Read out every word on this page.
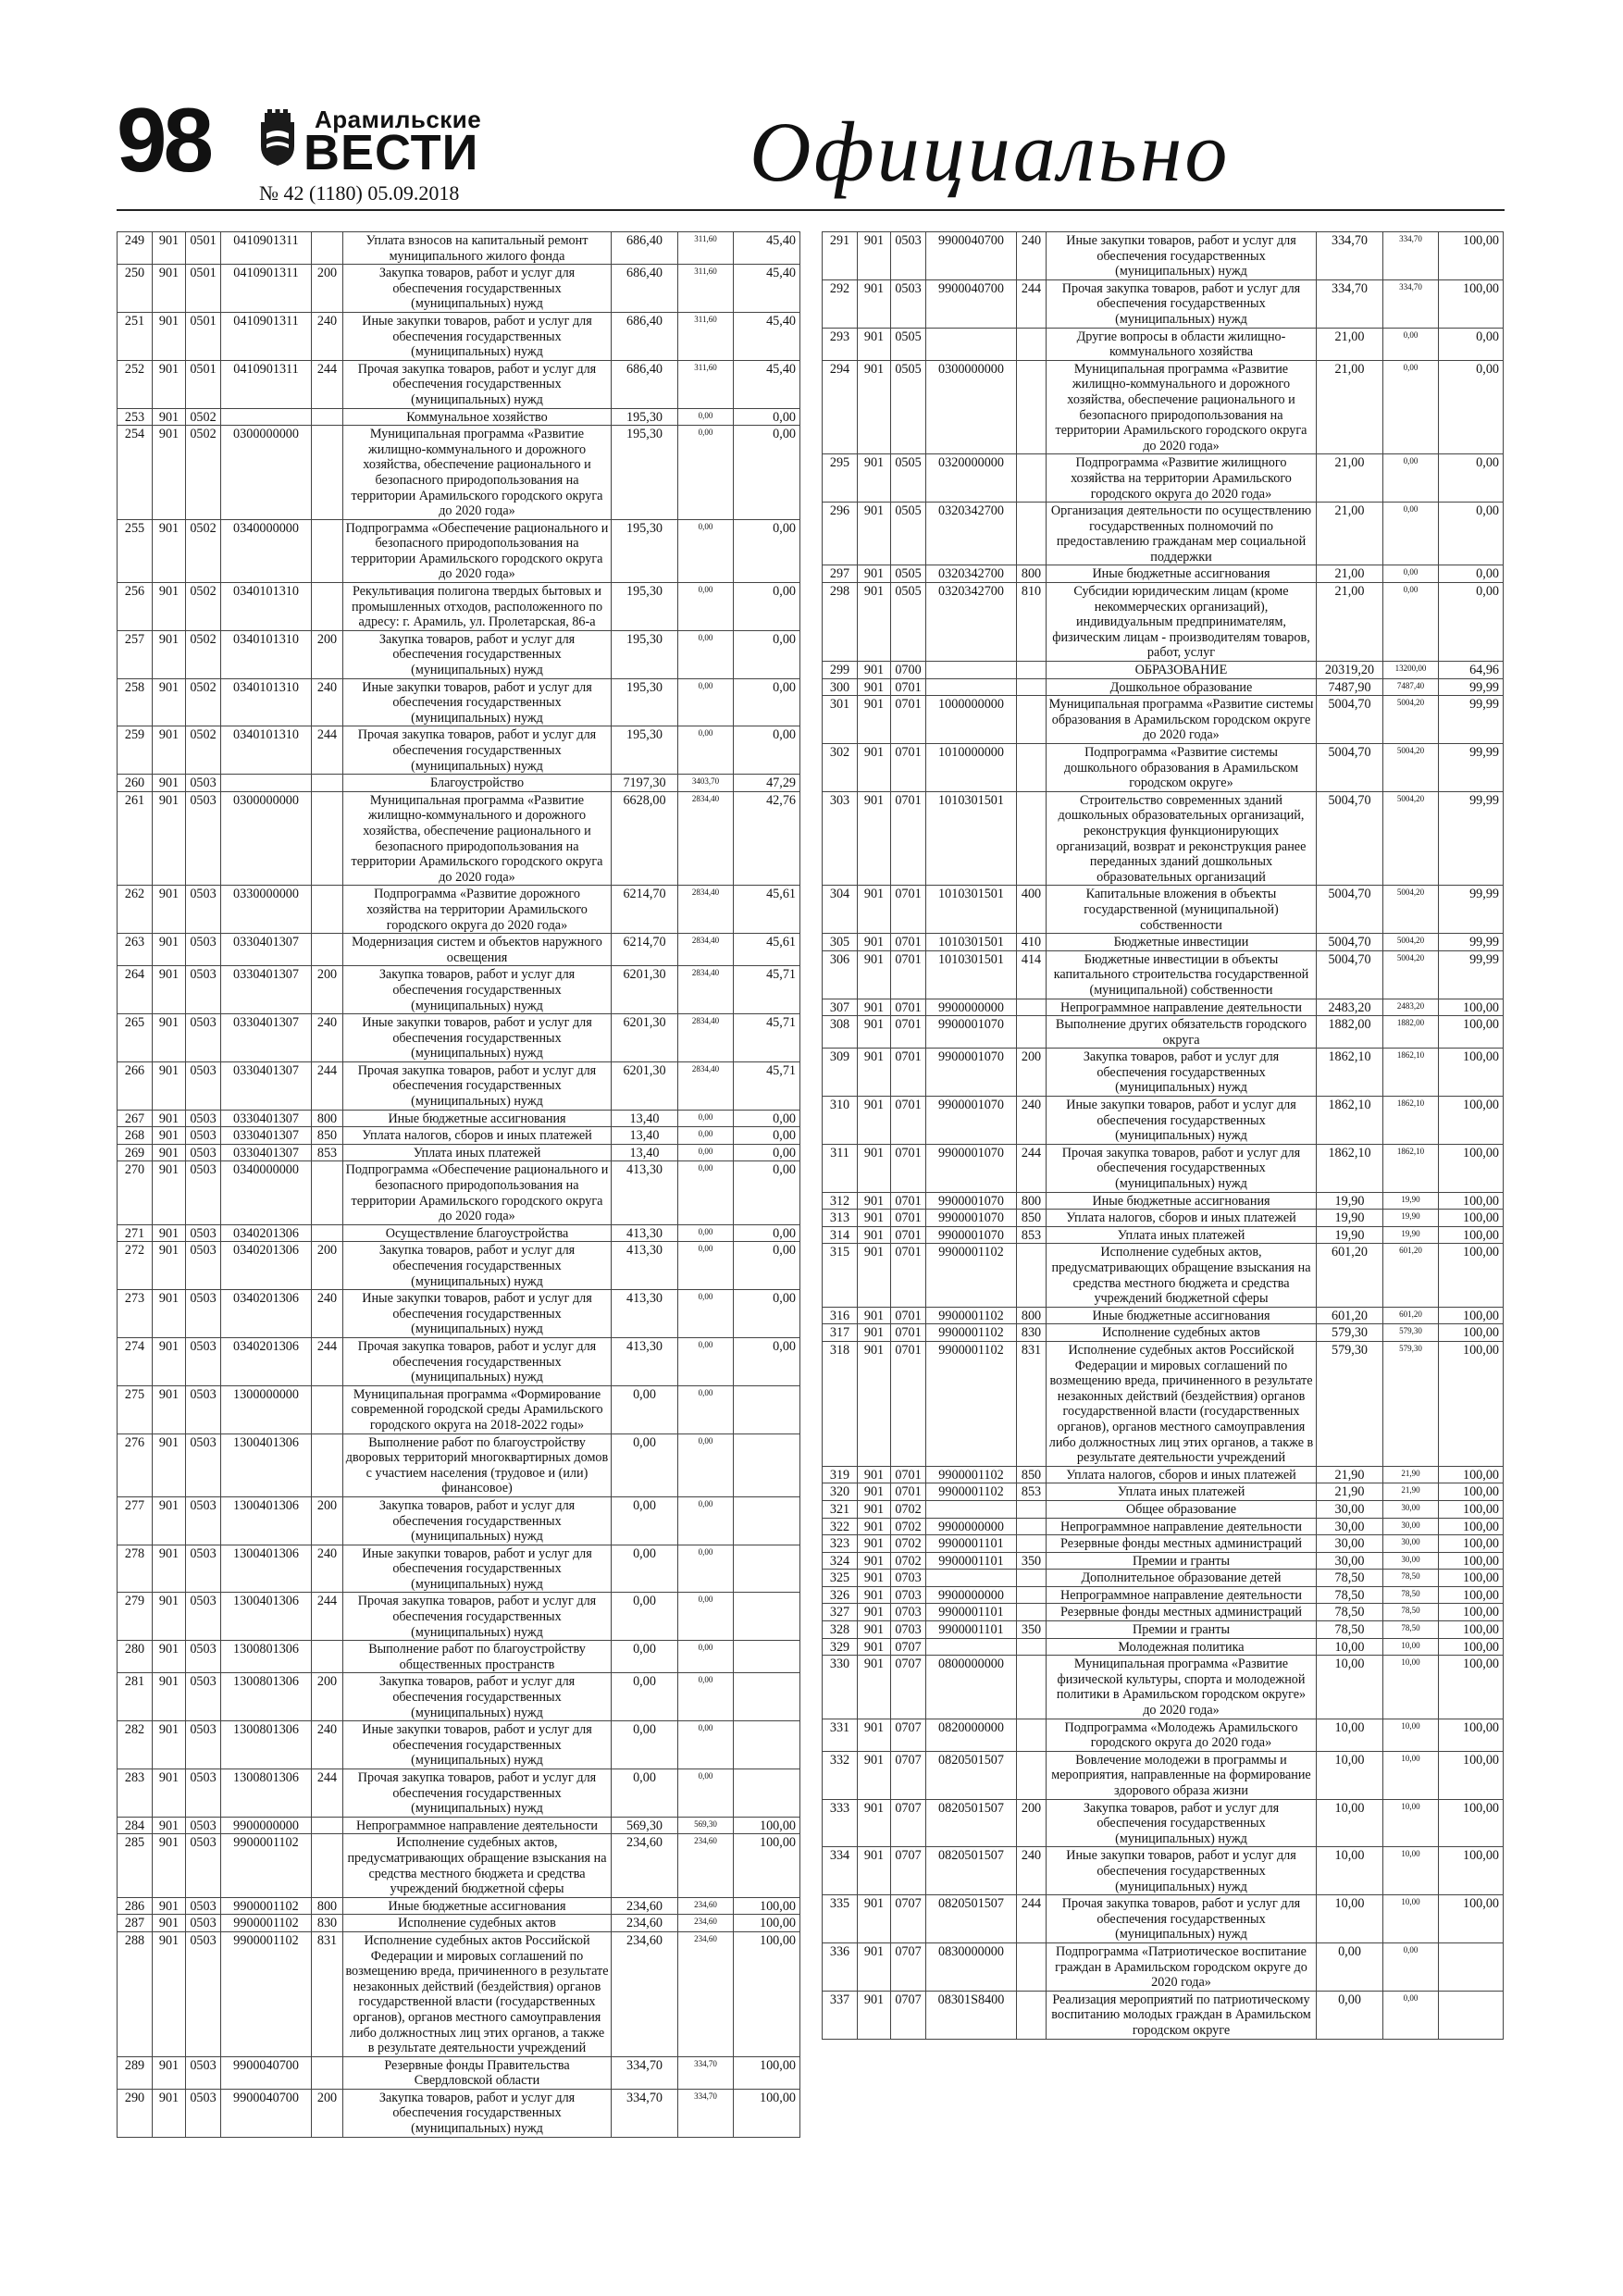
98	Арамильские
ВЕСТИ
№ 42 (1180) 05.09.2018	Официально
249	901	0501	0410901311		Уплата взносов на капитальный ремонт муниципального жилого фонда	686,40	311,60	45,40
250	901	0501	0410901311	200	Закупка товаров, работ и услуг для обеспечения государственных (муниципальных) нужд	686,40	311,60	45,40
251	901	0501	0410901311	240	Иные закупки товаров, работ и услуг для обеспечения государственных (муниципальных) нужд	686,40	311,60	45,40
252	901	0501	0410901311	244	Прочая закупка товаров, работ и услуг для обеспечения государственных (муниципальных) нужд	686,40	311,60	45,40
253	901	0502			Коммунальное хозяйство	195,30	0,00	0,00
254	901	0502	0300000000		Муниципальная программа «Развитие жилищно-коммунального и дорожного хозяйства, обеспечение рационального и безопасного природопользования на территории Арамильского городского округа до 2020 года»	195,30	0,00	0,00
255	901	0502	0340000000		Подпрограмма «Обеспечение рационального и безопасного природопользования на территории Арамильского городского округа до 2020 года»	195,30	0,00	0,00
256	901	0502	0340101310		Рекультивация полигона твердых бытовых и промышленных отходов, расположенного по адресу: г. Арамиль, ул. Пролетарская, 86-а	195,30	0,00	0,00
257	901	0502	0340101310	200	Закупка товаров, работ и услуг для обеспечения государственных (муниципальных) нужд	195,30	0,00	0,00
258	901	0502	0340101310	240	Иные закупки товаров, работ и услуг для обеспечения государственных (муниципальных) нужд	195,30	0,00	0,00
259	901	0502	0340101310	244	Прочая закупка товаров, работ и услуг для обеспечения государственных (муниципальных) нужд	195,30	0,00	0,00
260	901	0503			Благоустройство	7197,30	3403,70	47,29
261	901	0503	0300000000		Муниципальная программа «Развитие жилищно-коммунального и дорожного хозяйства, обеспечение рационального и безопасного природопользования на территории Арамильского городского округа до 2020 года»	6628,00	2834,40	42,76
262	901	0503	0330000000		Подпрограмма «Развитие дорожного хозяйства на территории Арамильского городского округа до 2020 года»	6214,70	2834,40	45,61
263	901	0503	0330401307		Модернизация систем и объектов наружного освещения	6214,70	2834,40	45,61
264	901	0503	0330401307	200	Закупка товаров, работ и услуг для обеспечения государственных (муниципальных) нужд	6201,30	2834,40	45,71
265	901	0503	0330401307	240	Иные закупки товаров, работ и услуг для обеспечения государственных (муниципальных) нужд	6201,30	2834,40	45,71
266	901	0503	0330401307	244	Прочая закупка товаров, работ и услуг для обеспечения государственных (муниципальных) нужд	6201,30	2834,40	45,71
267	901	0503	0330401307	800	Иные бюджетные ассигнования	13,40	0,00	0,00
268	901	0503	0330401307	850	Уплата налогов, сборов и иных платежей	13,40	0,00	0,00
269	901	0503	0330401307	853	Уплата иных платежей	13,40	0,00	0,00
270	901	0503	0340000000		Подпрограмма «Обеспечение рационального и безопасного природопользования на территории Арамильского городского округа до 2020 года»	413,30	0,00	0,00
271	901	0503	0340201306		Осуществление благоустройства	413,30	0,00	0,00
272	901	0503	0340201306	200	Закупка товаров, работ и услуг для обеспечения государственных (муниципальных) нужд	413,30	0,00	0,00
273	901	0503	0340201306	240	Иные закупки товаров, работ и услуг для обеспечения государственных (муниципальных) нужд	413,30	0,00	0,00
274	901	0503	0340201306	244	Прочая закупка товаров, работ и услуг для обеспечения государственных (муниципальных) нужд	413,30	0,00	0,00
275	901	0503	1300000000		Муниципальная программа «Формирование современной городской среды Арамильского городского округа на 2018-2022 годы»	0,00	0,00	
276	901	0503	1300401306		Выполнение работ по благоустройству дворовых территорий многоквартирных домов с участием населения (трудовое и (или) финансовое)	0,00	0,00	
277	901	0503	1300401306	200	Закупка товаров, работ и услуг для обеспечения государственных (муниципальных) нужд	0,00	0,00	
278	901	0503	1300401306	240	Иные закупки товаров, работ и услуг для обеспечения государственных (муниципальных) нужд	0,00	0,00	
279	901	0503	1300401306	244	Прочая закупка товаров, работ и услуг для обеспечения государственных (муниципальных) нужд	0,00	0,00	
280	901	0503	1300801306		Выполнение работ по благоустройству общественных пространств	0,00	0,00	
281	901	0503	1300801306	200	Закупка товаров, работ и услуг для обеспечения государственных (муниципальных) нужд	0,00	0,00	
282	901	0503	1300801306	240	Иные закупки товаров, работ и услуг для обеспечения государственных (муниципальных) нужд	0,00	0,00	
283	901	0503	1300801306	244	Прочая закупка товаров, работ и услуг для обеспечения государственных (муниципальных) нужд	0,00	0,00	
284	901	0503	9900000000		Непрограммное направление деятельности	569,30	569,30	100,00
285	901	0503	9900001102		Исполнение судебных актов, предусматривающих обращение взыскания на средства местного бюджета и средства учреждений бюджетной сферы	234,60	234,60	100,00
286	901	0503	9900001102	800	Иные бюджетные ассигнования	234,60	234,60	100,00
287	901	0503	9900001102	830	Исполнение судебных актов	234,60	234,60	100,00
288	901	0503	9900001102	831	Исполнение судебных актов Российской Федерации и мировых соглашений по возмещению вреда, причиненного в результате незаконных действий (бездействия) органов государственной власти (государственных органов), органов местного самоуправления либо должностных лиц этих органов, а также в результате деятельности учреждений	234,60	234,60	100,00
289	901	0503	9900040700		Резервные фонды Правительства Свердловской области	334,70	334,70	100,00
290	901	0503	9900040700	200	Закупка товаров, работ и услуг для обеспечения государственных (муниципальных) нужд	334,70	334,70	100,00
291	901	0503	9900040700	240	Иные закупки товаров, работ и услуг для обеспечения государственных (муниципальных) нужд	334,70	334,70	100,00
292	901	0503	9900040700	244	Прочая закупка товаров, работ и услуг для обеспечения государственных (муниципальных) нужд	334,70	334,70	100,00
293	901	0505			Другие вопросы в области жилищно-коммунального хозяйства	21,00	0,00	0,00
294	901	0505	0300000000		Муниципальная программа «Развитие жилищно-коммунального и дорожного хозяйства, обеспечение рационального и безопасного природопользования на территории Арамильского городского округа до 2020 года»	21,00	0,00	0,00
295	901	0505	0320000000		Подпрограмма «Развитие жилищного хозяйства на территории Арамильского городского округа до 2020 года»	21,00	0,00	0,00
296	901	0505	0320342700		Организация деятельности по осуществлению государственных полномочий по предоставлению гражданам мер социальной поддержки	21,00	0,00	0,00
297	901	0505	0320342700	800	Иные бюджетные ассигнования	21,00	0,00	0,00
298	901	0505	0320342700	810	Субсидии юридическим лицам (кроме некоммерческих организаций), индивидуальным предпринимателям, физическим лицам - производителям товаров, работ, услуг	21,00	0,00	0,00
299	901	0700			ОБРАЗОВАНИЕ	20319,20	13200,00	64,96
300	901	0701			Дошкольное образование	7487,90	7487,40	99,99
301	901	0701	1000000000		Муниципальная программа «Развитие системы образования в Арамильском городском округе до 2020 года»	5004,70	5004,20	99,99
302	901	0701	1010000000		Подпрограмма «Развитие системы дошкольного образования в Арамильском городском округе»	5004,70	5004,20	99,99
303	901	0701	1010301501		Строительство современных зданий дошкольных образовательных организаций, реконструкция функционирующих организаций, возврат и реконструкция ранее переданных зданий дошкольных образовательных организаций	5004,70	5004,20	99,99
304	901	0701	1010301501	400	Капитальные вложения в объекты государственной (муниципальной) собственности	5004,70	5004,20	99,99
305	901	0701	1010301501	410	Бюджетные инвестиции	5004,70	5004,20	99,99
306	901	0701	1010301501	414	Бюджетные инвестиции в объекты капитального строительства государственной (муниципальной) собственности	5004,70	5004,20	99,99
307	901	0701	9900000000		Непрограммное направление деятельности	2483,20	2483,20	100,00
308	901	0701	9900001070		Выполнение других обязательств городского округа	1882,00	1882,00	100,00
309	901	0701	9900001070	200	Закупка товаров, работ и услуг для обеспечения государственных (муниципальных) нужд	1862,10	1862,10	100,00
310	901	0701	9900001070	240	Иные закупки товаров, работ и услуг для обеспечения государственных (муниципальных) нужд	1862,10	1862,10	100,00
311	901	0701	9900001070	244	Прочая закупка товаров, работ и услуг для обеспечения государственных (муниципальных) нужд	1862,10	1862,10	100,00
312	901	0701	9900001070	800	Иные бюджетные ассигнования	19,90	19,90	100,00
313	901	0701	9900001070	850	Уплата налогов, сборов и иных платежей	19,90	19,90	100,00
314	901	0701	9900001070	853	Уплата иных платежей	19,90	19,90	100,00
315	901	0701	9900001102		Исполнение судебных актов, предусматривающих обращение взыскания на средства местного бюджета и средства учреждений бюджетной сферы	601,20	601,20	100,00
316	901	0701	9900001102	800	Иные бюджетные ассигнования	601,20	601,20	100,00
317	901	0701	9900001102	830	Исполнение судебных актов	579,30	579,30	100,00
318	901	0701	9900001102	831	Исполнение судебных актов Российской Федерации и мировых соглашений по возмещению вреда, причиненного в результате незаконных действий (бездействия) органов государственной власти (государственных органов), органов местного самоуправления либо должностных лиц этих органов, а также в результате деятельности учреждений	579,30	579,30	100,00
319	901	0701	9900001102	850	Уплата налогов, сборов и иных платежей	21,90	21,90	100,00
320	901	0701	9900001102	853	Уплата иных платежей	21,90	21,90	100,00
321	901	0702			Общее образование	30,00	30,00	100,00
322	901	0702	9900000000		Непрограммное направление деятельности	30,00	30,00	100,00
323	901	0702	9900001101		Резервные фонды местных администраций	30,00	30,00	100,00
324	901	0702	9900001101	350	Премии и гранты	30,00	30,00	100,00
325	901	0703			Дополнительное образование детей	78,50	78,50	100,00
326	901	0703	9900000000		Непрограммное направление деятельности	78,50	78,50	100,00
327	901	0703	9900001101		Резервные фонды местных администраций	78,50	78,50	100,00
328	901	0703	9900001101	350	Премии и гранты	78,50	78,50	100,00
329	901	0707			Молодежная политика	10,00	10,00	100,00
330	901	0707	0800000000		Муниципальная программа «Развитие физической культуры, спорта и молодежной политики в Арамильском городском округе» до 2020 года»	10,00	10,00	100,00
331	901	0707	0820000000		Подпрограмма «Молодежь Арамильского городского округа до 2020 года»	10,00	10,00	100,00
332	901	0707	0820501507		Вовлечение молодежи в программы и мероприятия, направленные на формирование здорового образа жизни	10,00	10,00	100,00
333	901	0707	0820501507	200	Закупка товаров, работ и услуг для обеспечения государственных (муниципальных) нужд	10,00	10,00	100,00
334	901	0707	0820501507	240	Иные закупки товаров, работ и услуг для обеспечения государственных (муниципальных) нужд	10,00	10,00	100,00
335	901	0707	0820501507	244	Прочая закупка товаров, работ и услуг для обеспечения государственных (муниципальных) нужд	10,00	10,00	100,00
336	901	0707	0830000000		Подпрограмма «Патриотическое воспитание граждан в Арамильском городском округе до 2020 года»	0,00	0,00	
337	901	0707	08301S8400		Реализация мероприятий по патриотическому воспитанию молодых граждан в Арамильском городском округе	0,00	0,00	
